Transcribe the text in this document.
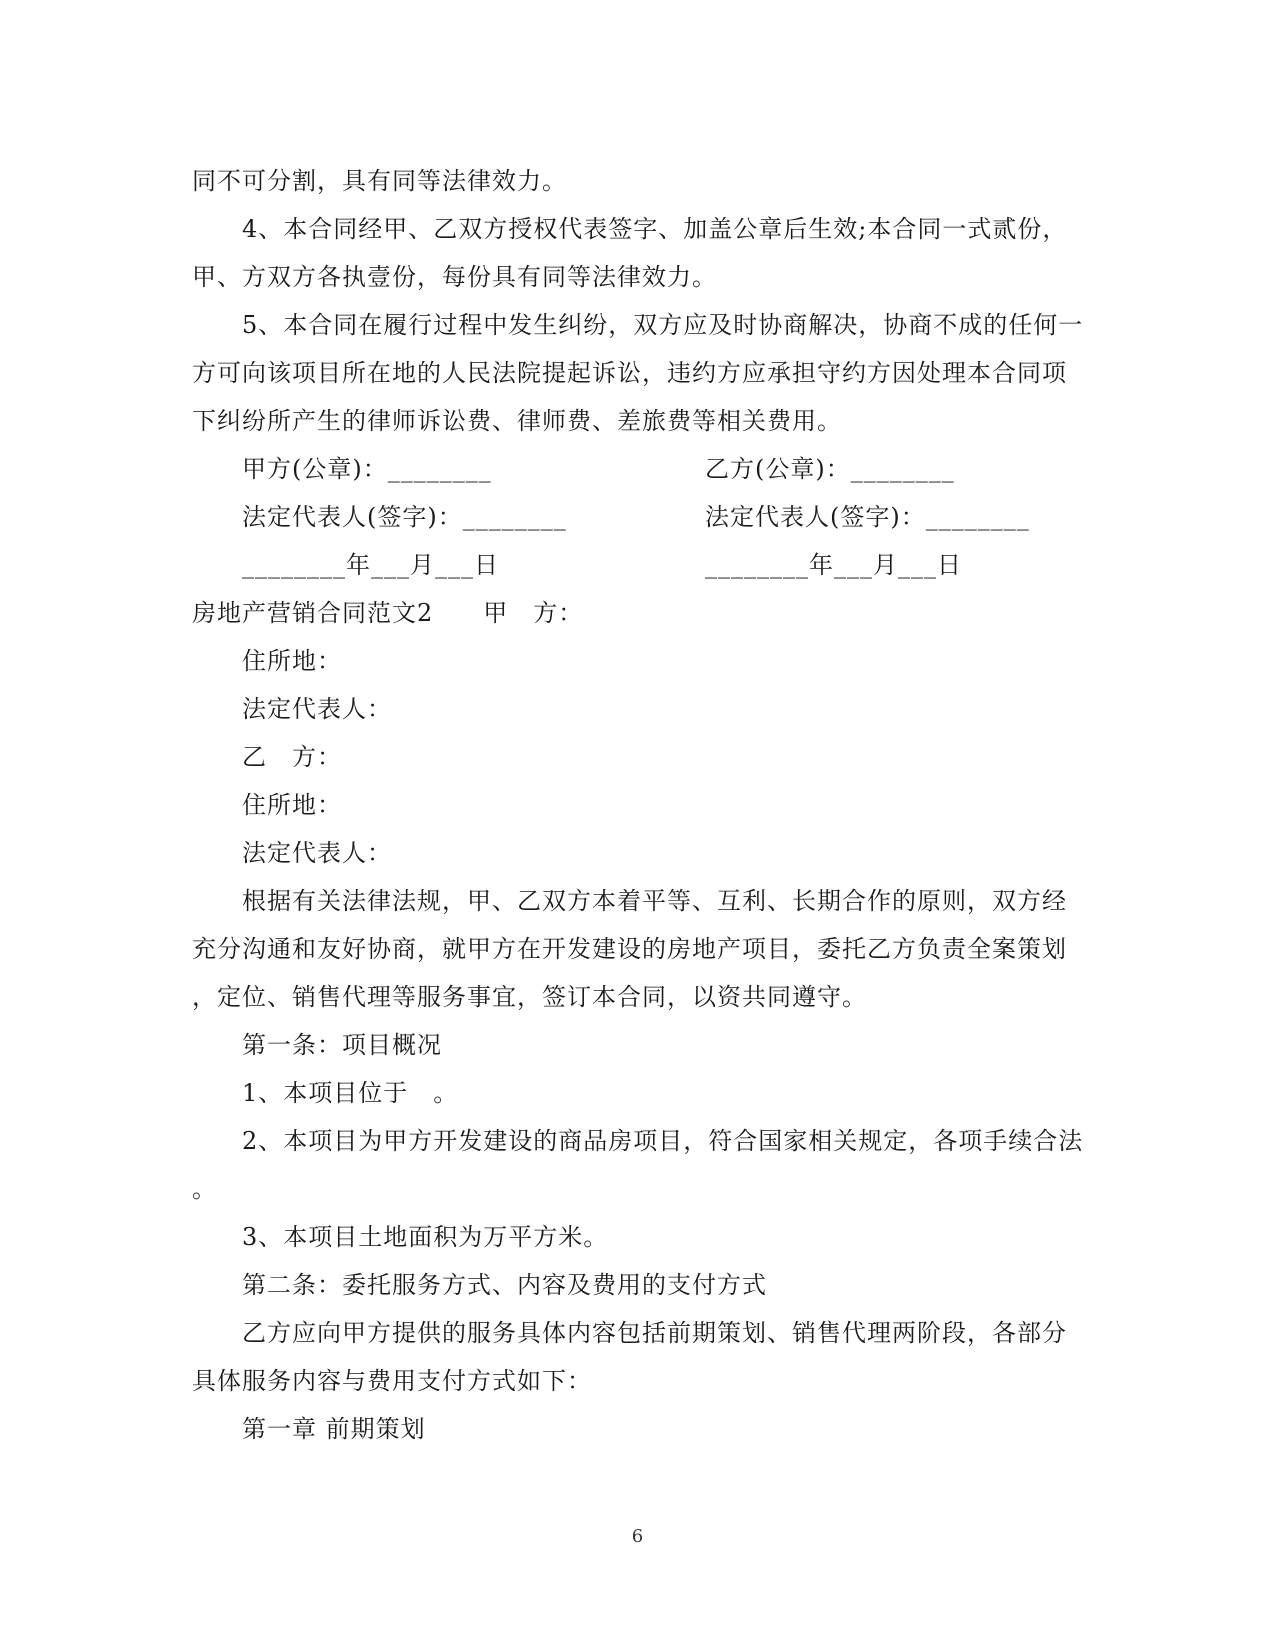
同不可分割，具有同等法律效力。
4、本合同经甲、乙双方授权代表签字、加盖公章后生效;本合同一式贰份，
甲、方双方各执壹份，每份具有同等法律效力。
5、本合同在履行过程中发生纠纷，双方应及时协商解决，协商不成的任何一
方可向该项目所在地的人民法院提起诉讼，违约方应承担守约方因处理本合同项
下纠纷所产生的律师诉讼费、律师费、差旅费等相关费用。
甲方(公章)：________	乙方(公章)：________
法定代表人(签字)：________	法定代表人(签字)：________
________年___月___日	________年___月___日
房地产营销合同范文2　　甲　方：
住所地：
法定代表人：
乙　方：
住所地：
法定代表人：
根据有关法律法规，甲、乙双方本着平等、互利、长期合作的原则，双方经
充分沟通和友好协商，就甲方在开发建设的房地产项目，委托乙方负责全案策划
，定位、销售代理等服务事宜，签订本合同，以资共同遵守。
第一条：项目概况
1、本项目位于　。
2、本项目为甲方开发建设的商品房项目，符合国家相关规定，各项手续合法
。
3、本项目土地面积为万平方米。
第二条：委托服务方式、内容及费用的支付方式
乙方应向甲方提供的服务具体内容包括前期策划、销售代理两阶段，各部分
具体服务内容与费用支付方式如下：
第一章 前期策划
6
